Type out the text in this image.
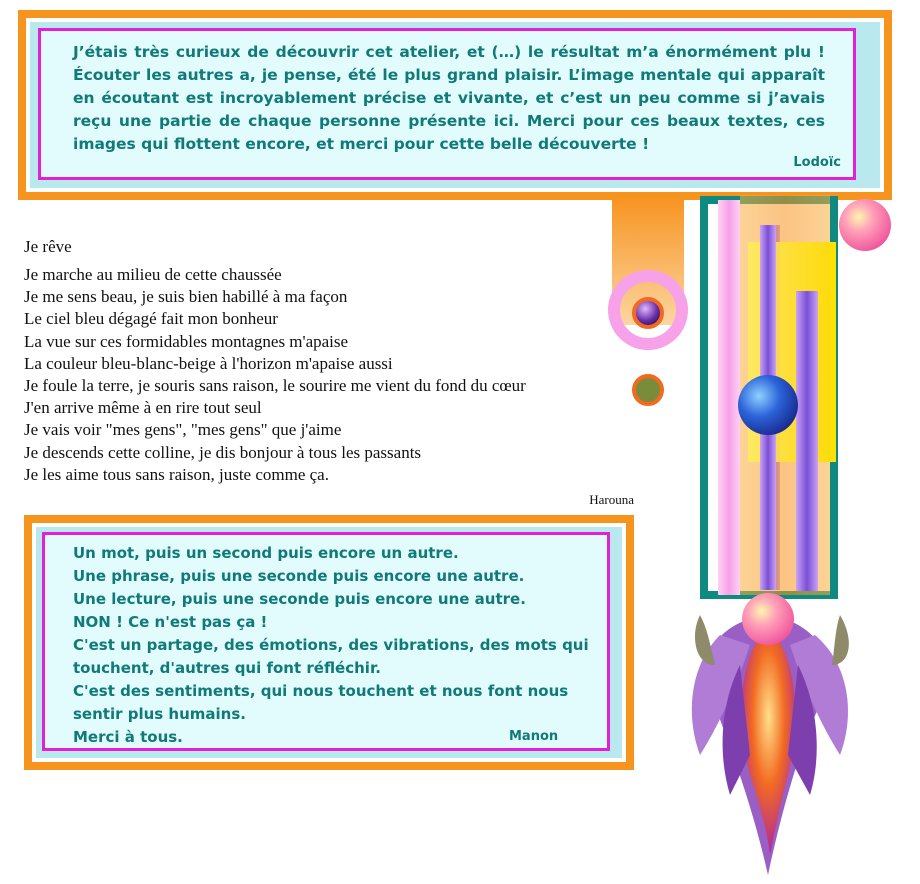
J’étais très curieux de découvrir cet atelier, et (…) le résultat m’a énormément plu ! Écouter les autres a, je pense, été le plus grand plaisir. L’image mentale qui apparaît en écoutant est incroyablement précise et vivante, et c’est un peu comme si j’avais reçu une partie de chaque personne présente ici. Merci pour ces beaux textes, ces images qui flottent encore, et merci pour cette belle découverte !
Lodoïc
Je rêve
Je marche au milieu de cette chaussée
Je me sens beau, je suis bien habillé à ma façon
Le ciel bleu dégagé fait mon bonheur
La vue sur ces formidables montagnes m'apaise
La couleur bleu-blanc-beige à l'horizon m'apaise aussi
Je foule la terre, je souris sans raison, le sourire me vient du fond du cœur
J'en arrive même à en rire tout seul
Je vais voir "mes gens", "mes gens" que j'aime
Je descends cette colline, je dis bonjour à tous les passants
Je les aime tous sans raison, juste comme ça.
Harouna
Un mot, puis un second puis encore un autre.
Une phrase, puis une seconde puis encore une autre.
Une lecture, puis une seconde puis encore une autre.
NON ! Ce n'est pas ça !
C'est un partage, des émotions, des vibrations, des mots qui
touchent, d'autres qui font réfléchir.
C'est des sentiments, qui nous touchent et nous font nous
sentir plus humains.
Merci à tous.	Manon
